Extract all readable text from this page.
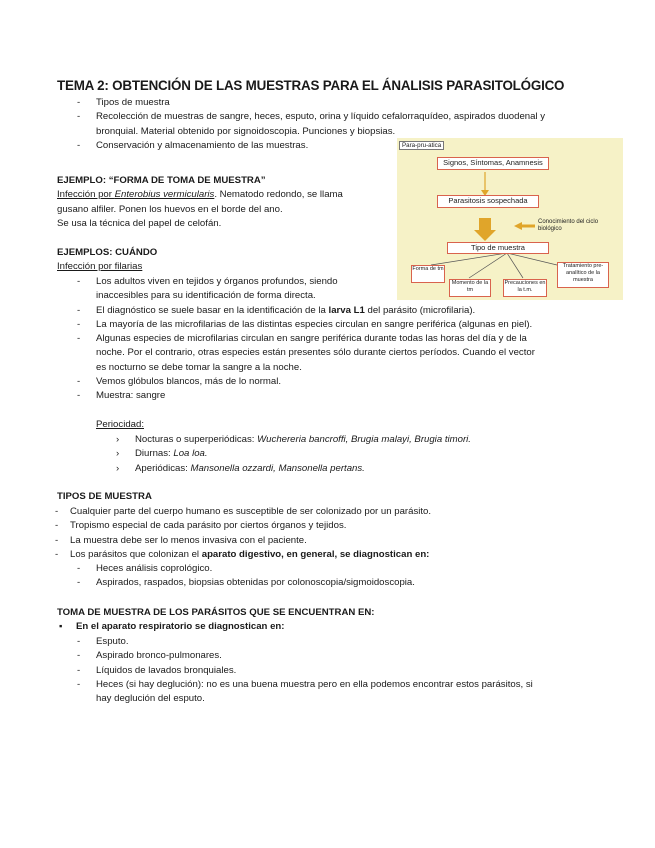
TEMA 2: OBTENCIÓN DE LAS MUESTRAS PARA EL ÁNALISIS PARASITOLÓGICO
- Tipos de muestra
- Recolección de muestras de sangre, heces, esputo, orina y líquido cefalorraquídeo, aspirados duodenal y
bronquial. Material obtenido por signoidoscopia. Punciones y biopsias.
- Conservación y almacenamiento de las muestras.
EJEMPLO: “FORMA DE TOMA DE MUESTRA”
Infección por Enterobius vermicularis. Nematodo redondo, se llama
gusano alfiler. Ponen los huevos en el borde del ano.
Se usa la técnica del papel de celofán.
EJEMPLOS: CUÁNDO
Infección por filarias
- Los adultos viven en tejidos y órganos profundos, siendo
inaccesibles para su identificación de forma directa.
- El diagnóstico se suele basar en la identificación de la larva L1 del parásito (microfilaria).
- La mayoría de las microfilarias de las distintas especies circulan en sangre periférica (algunas en piel).
- Algunas especies de microfilarias circulan en sangre periférica durante todas las horas del día y de la
noche. Por el contrario, otras especies están presentes sólo durante ciertos períodos. Cuando el vector
es nocturno se debe tomar la sangre a la noche.
- Vemos glóbulos blancos, más de lo normal.
- Muestra: sangre
Periocidad:
› Nocturas o superperiódicas: Wuchereria bancroffi, Brugia malayi, Brugia timori.
› Diurnas: Loa loa.
› Aperiódicas: Mansonella ozzardi, Mansonella pertans.
TIPOS DE MUESTRA
- Cualquier parte del cuerpo humano es susceptible de ser colonizado por un parásito.
- Tropismo especial de cada parásito por ciertos órganos y tejidos.
- La muestra debe ser lo menos invasiva con el paciente.
- Los parásitos que colonizan el aparato digestivo, en general, se diagnostican en:
- Heces análisis coprológico.
- Aspirados, raspados, biopsias obtenidas por colonoscopia/sigmoidoscopia.
TOMA DE MUESTRA DE LOS PARÁSITOS QUE SE ENCUENTRAN EN:
▪ En el aparato respiratorio se diagnostican en:
- Esputo.
- Aspirado bronco-pulmonares.
- Líquidos de lavados bronquiales.
- Heces (si hay deglución): no es una buena muestra pero en ella podemos encontrar estos parásitos, si
hay deglución del esputo.
Para-pru-atica
Signos, Síntomas, Anamnesis
Parasitosis sospechada
Conocimiento del ciclo biológico
Tipo de muestra
Forma de tm
Momento de la tm
Precauciones en la t.m.
Tratamiento pre-analítico de la muestra
